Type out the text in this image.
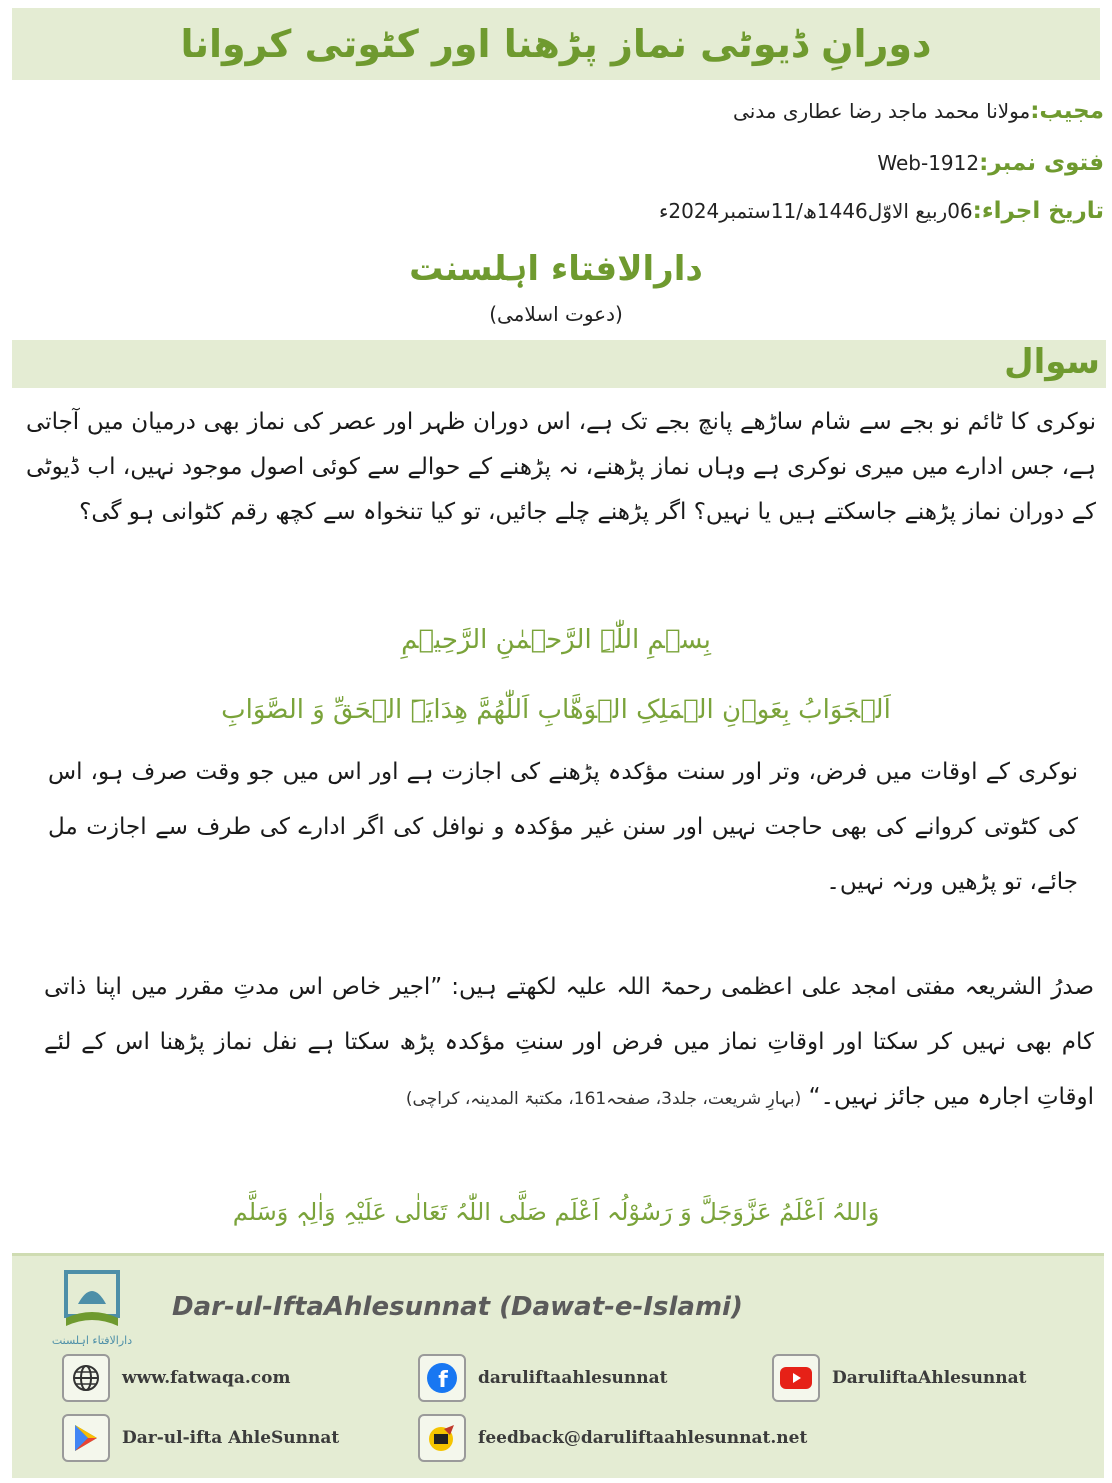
دورانِ ڈیوٹی نماز پڑھنا اور کٹوتی کروانا
مجیب:مولانا محمد ماجد رضا عطاری مدنی
فتوی نمبر:Web-1912
تاریخ اجراء:06ربیع الاوّل1446ھ/11ستمبر2024ء
دارالافتاء اہلسنت
(دعوت اسلامی)
سوال
نوکری کا ٹائم نو بجے سے شام ساڑھے پانچ بجے تک ہے، اس دوران ظہر اور عصر کی نماز بھی درمیان میں آجاتی ہے، جس ادارے میں میری نوکری ہے وہاں نماز پڑھنے، نہ پڑھنے کے حوالے سے کوئی اصول موجود نہیں، اب ڈیوٹی کے دوران نماز پڑھنے جاسکتے ہیں یا نہیں؟ اگر پڑھنے چلے جائیں، تو کیا تنخواہ سے کچھ رقم کٹوانی ہو گی؟
بِسۡمِ اللّٰہِ الرَّحۡمٰنِ الرَّحِیۡمِ
اَلۡجَوَابُ بِعَوۡنِ الۡمَلِکِ الۡوَھَّابِ اَللّٰھُمَّ ھِدَایَۃَ الۡحَقِّ وَ الصَّوَابِ
نوکری کے اوقات میں فرض، وتر اور سنت مؤکدہ پڑھنے کی اجازت ہے اور اس میں جو وقت صرف ہو، اس کی کٹوتی کروانے کی بھی حاجت نہیں اور سنن غیر مؤکدہ و نوافل کی اگر ادارے کی طرف سے اجازت مل جائے، تو پڑھیں ورنہ نہیں۔
صدرُ الشریعہ مفتی امجد علی اعظمی رحمۃ اللہ علیہ لکھتے ہیں: ”اجیر خاص اس مدتِ مقرر میں اپنا ذاتی کام بھی نہیں کر سکتا اور اوقاتِ نماز میں فرض اور سنتِ مؤکدہ پڑھ سکتا ہے نفل نماز پڑھنا اس کے لئے اوقاتِ اجارہ میں جائز نہیں۔“ (بہارِ شریعت، جلد3، صفحہ161، مکتبۃ المدینہ، کراچی)
وَاللہُ اَعْلَمُ عَزَّوَجَلَّ وَ رَسُوْلُہ اَعْلَم صَلَّی اللّٰہُ تَعَالٰی عَلَیْہِ وَاٰلِہٖ وَسَلَّم
دارالافتاء اہلسنت
Dar-ul-IftaAhlesunnat (Dawat-e-Islami)
www.fatwaqa.com	f daruliftaahlesunnat	DaruliftaAhlesunnat
Dar-ul-ifta AhleSunnat	feedback@daruliftaahlesunnat.net
